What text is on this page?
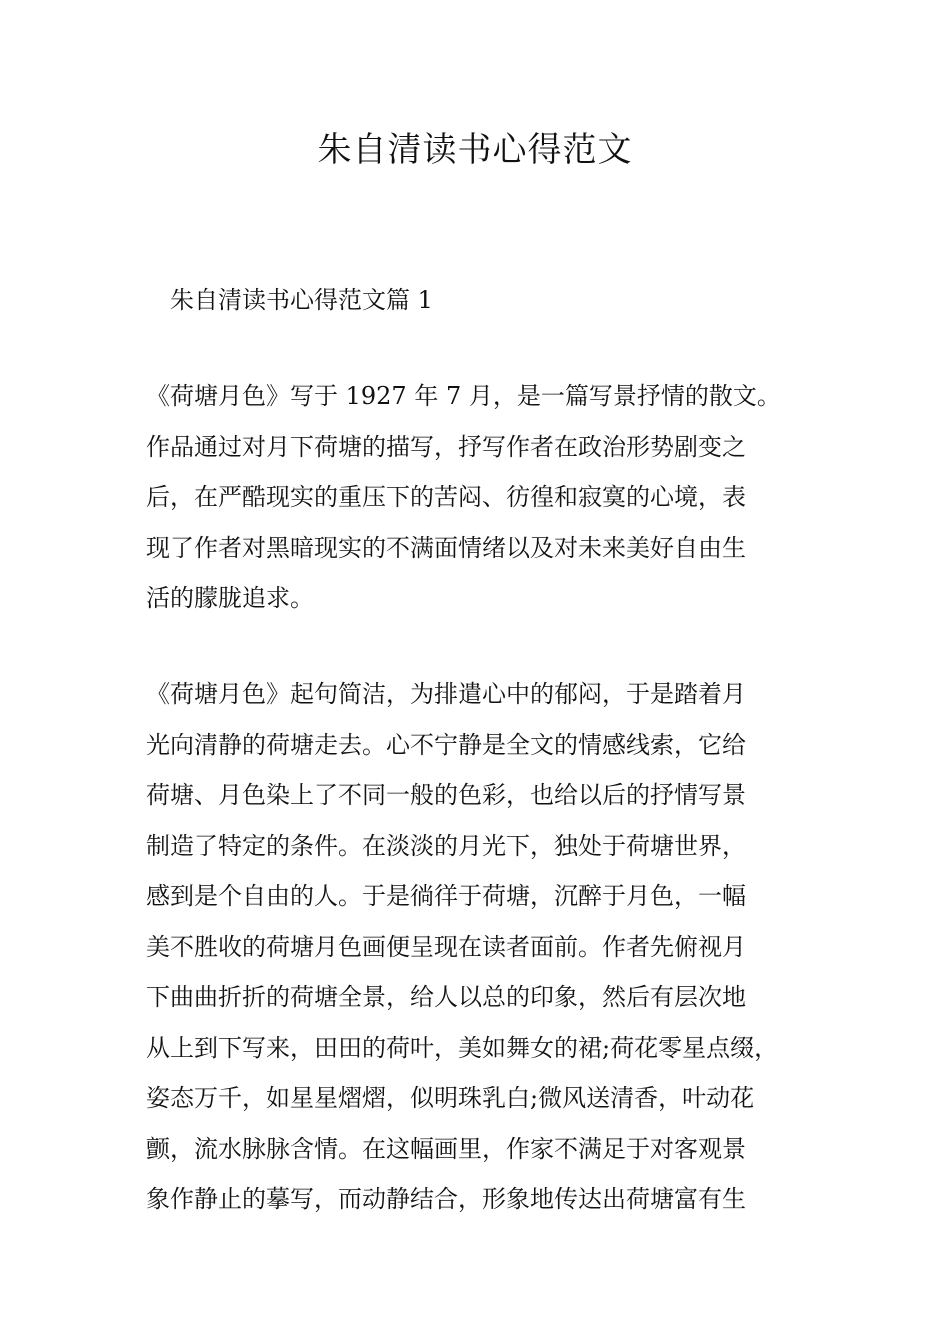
朱自清读书心得范文
朱自清读书心得范文篇 1

《荷塘月色》写于 1927 年 7 月，是一篇写景抒情的散文。
作品通过对月下荷塘的描写，抒写作者在政治形势剧变之
后，在严酷现实的重压下的苦闷、彷徨和寂寞的心境，表
现了作者对黑暗现实的不满面情绪以及对未来美好自由生
活的朦胧追求。

《荷塘月色》起句简洁，为排遣心中的郁闷，于是踏着月
光向清静的荷塘走去。心不宁静是全文的情感线索，它给
荷塘、月色染上了不同一般的色彩，也给以后的抒情写景
制造了特定的条件。在淡淡的月光下，独处于荷塘世界，
感到是个自由的人。于是徜徉于荷塘，沉醉于月色，一幅
美不胜收的荷塘月色画便呈现在读者面前。作者先俯视月
下曲曲折折的荷塘全景，给人以总的印象，然后有层次地
从上到下写来，田田的荷叶，美如舞女的裙;荷花零星点缀，
姿态万千，如星星熠熠，似明珠乳白;微风送清香，叶动花
颤，流水脉脉含情。在这幅画里，作家不满足于对客观景
象作静止的摹写，而动静结合，形象地传达出荷塘富有生
